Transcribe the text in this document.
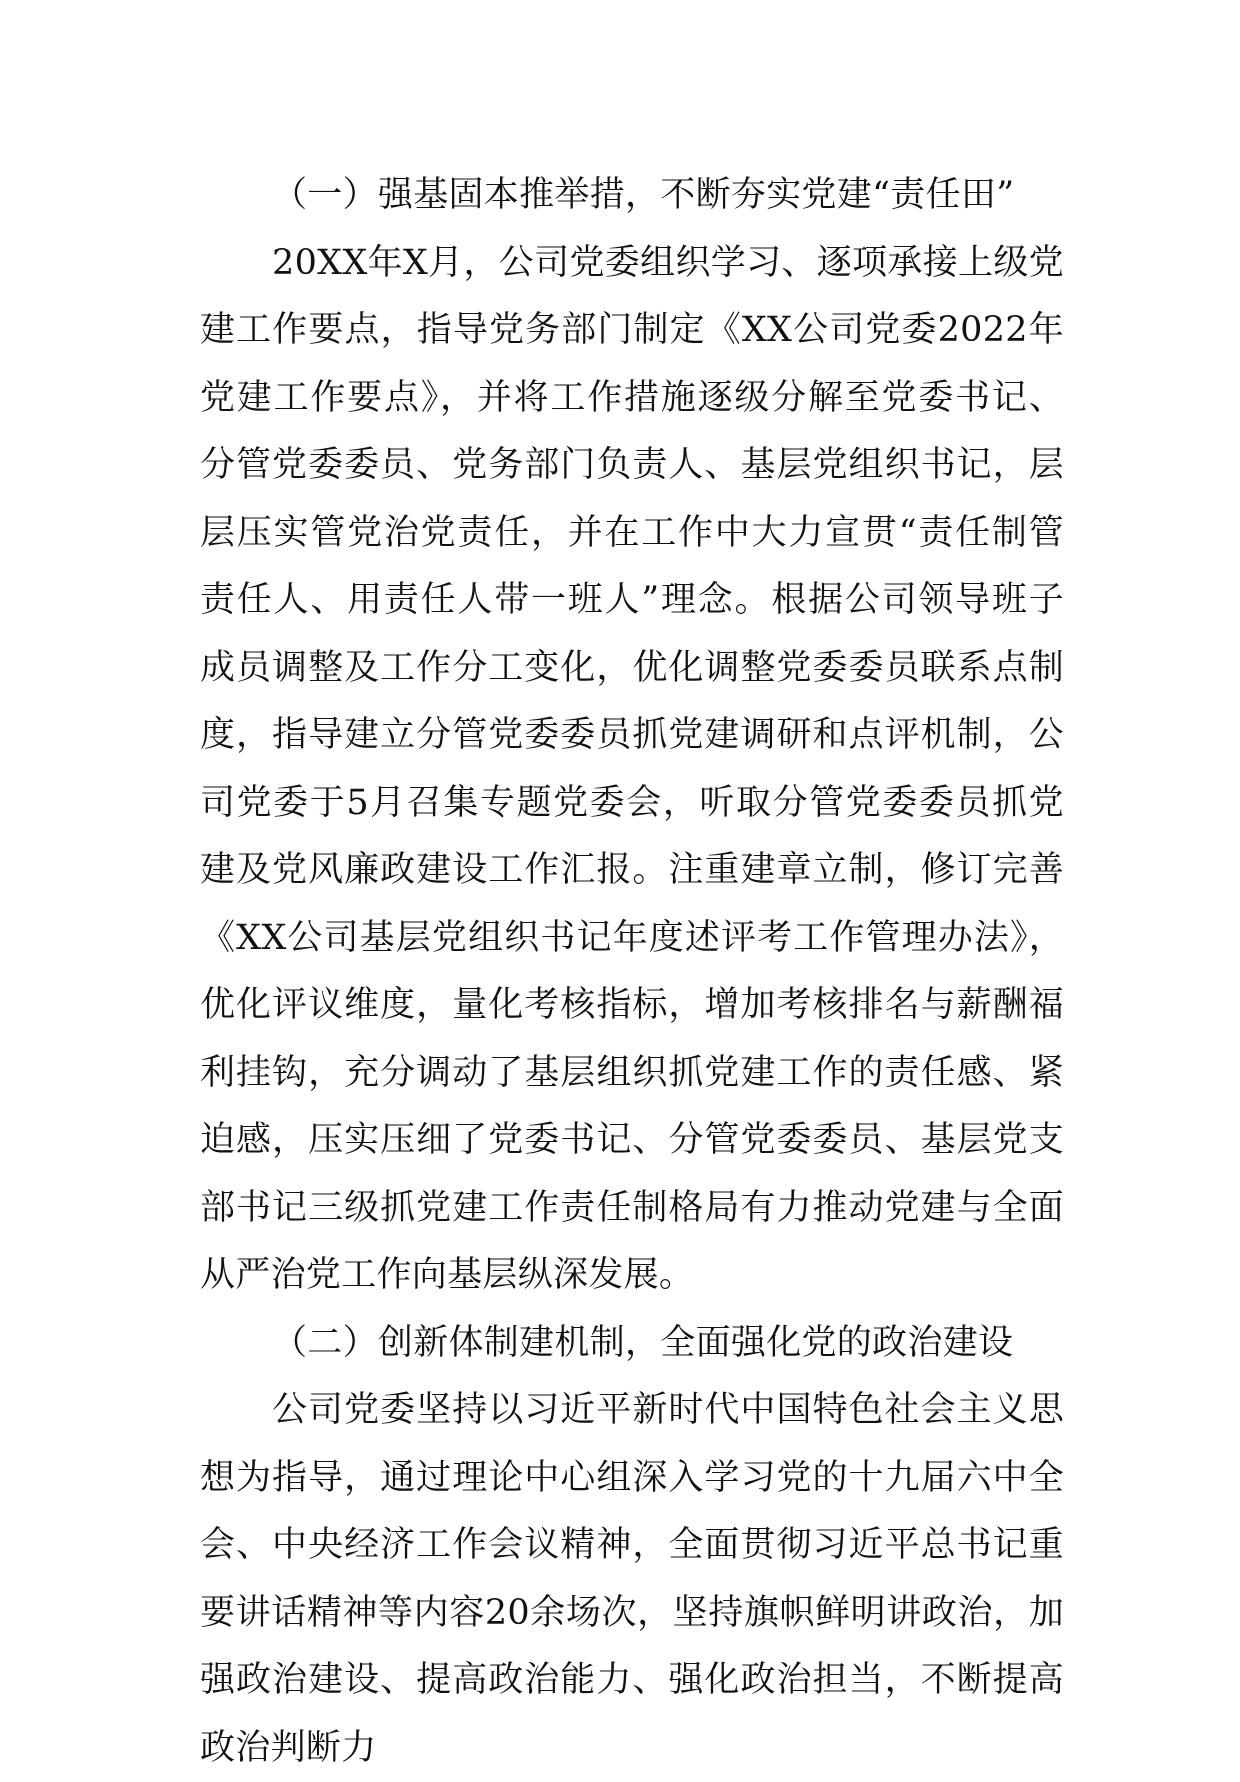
（一）强基固本推举措，不断夯实党建“责任田”

20XX年X月，公司党委组织学习、逐项承接上级党建工作要点，指导党务部门制定《XX公司党委2022年党建工作要点》，并将工作措施逐级分解至党委书记、分管党委委员、党务部门负责人、基层党组织书记，层层压实管党治党责任，并在工作中大力宣贯“责任制管责任人、用责任人带一班人”理念。根据公司领导班子成员调整及工作分工变化，优化调整党委委员联系点制度，指导建立分管党委委员抓党建调研和点评机制，公司党委于5月召集专题党委会，听取分管党委委员抓党建及党风廉政建设工作汇报。注重建章立制，修订完善《XX公司基层党组织书记年度述评考工作管理办法》，优化评议维度，量化考核指标，增加考核排名与薪酬福利挂钩，充分调动了基层组织抓党建工作的责任感、紧迫感，压实压细了党委书记、分管党委委员、基层党支部书记三级抓党建工作责任制格局有力推动党建与全面从严治党工作向基层纵深发展。

（二）创新体制建机制，全面强化党的政治建设

公司党委坚持以习近平新时代中国特色社会主义思想为指导，通过理论中心组深入学习党的十九届六中全会、中央经济工作会议精神，全面贯彻习近平总书记重要讲话精神等内容20余场次，坚持旗帜鲜明讲政治，加强政治建设、提高政治能力、强化政治担当，不断提高政治判断力
